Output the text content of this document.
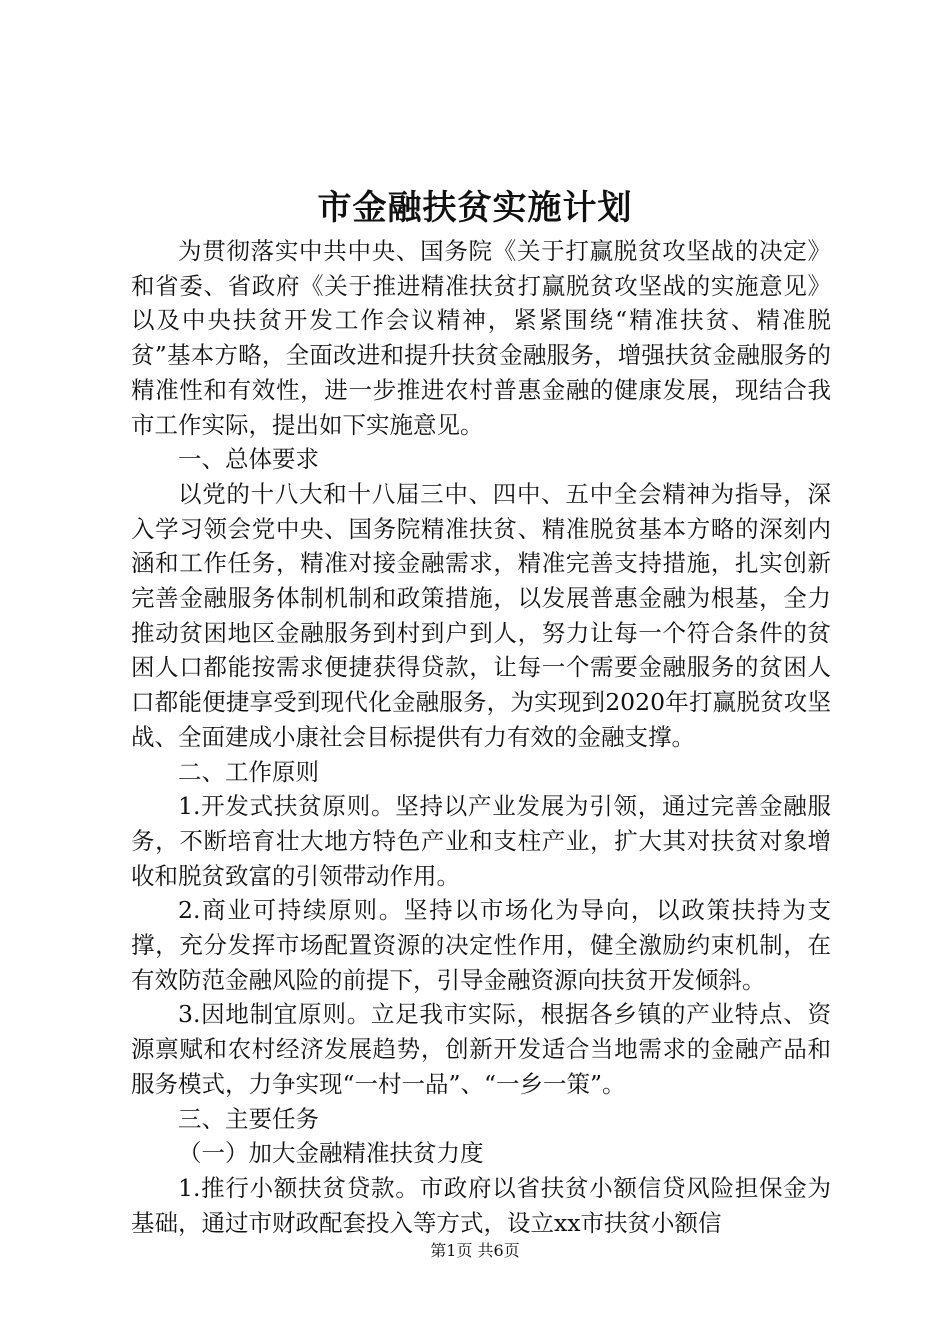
市金融扶贫实施计划

为贯彻落实中共中央、国务院《关于打赢脱贫攻坚战的决定》和省委、省政府《关于推进精准扶贫打赢脱贫攻坚战的实施意见》以及中央扶贫开发工作会议精神，紧紧围绕“精准扶贫、精准脱贫”基本方略，全面改进和提升扶贫金融服务，增强扶贫金融服务的精准性和有效性，进一步推进农村普惠金融的健康发展，现结合我市工作实际，提出如下实施意见。

一、总体要求

以党的十八大和十八届三中、四中、五中全会精神为指导，深入学习领会党中央、国务院精准扶贫、精准脱贫基本方略的深刻内涵和工作任务，精准对接金融需求，精准完善支持措施，扎实创新完善金融服务体制机制和政策措施，以发展普惠金融为根基，全力推动贫困地区金融服务到村到户到人，努力让每一个符合条件的贫困人口都能按需求便捷获得贷款，让每一个需要金融服务的贫困人口都能便捷享受到现代化金融服务，为实现到2020年打赢脱贫攻坚战、全面建成小康社会目标提供有力有效的金融支撑。

二、工作原则

1.开发式扶贫原则。坚持以产业发展为引领，通过完善金融服务，不断培育壮大地方特色产业和支柱产业，扩大其对扶贫对象增收和脱贫致富的引领带动作用。

2.商业可持续原则。坚持以市场化为导向，以政策扶持为支撑，充分发挥市场配置资源的决定性作用，健全激励约束机制，在有效防范金融风险的前提下，引导金融资源向扶贫开发倾斜。

3.因地制宜原则。立足我市实际，根据各乡镇的产业特点、资源禀赋和农村经济发展趋势，创新开发适合当地需求的金融产品和服务模式，力争实现“一村一品”、“一乡一策”。

三、主要任务

（一）加大金融精准扶贫力度

1.推行小额扶贫贷款。市政府以省扶贫小额信贷风险担保金为基础，通过市财政配套投入等方式，设立xx市扶贫小额信

第1页 共6页
